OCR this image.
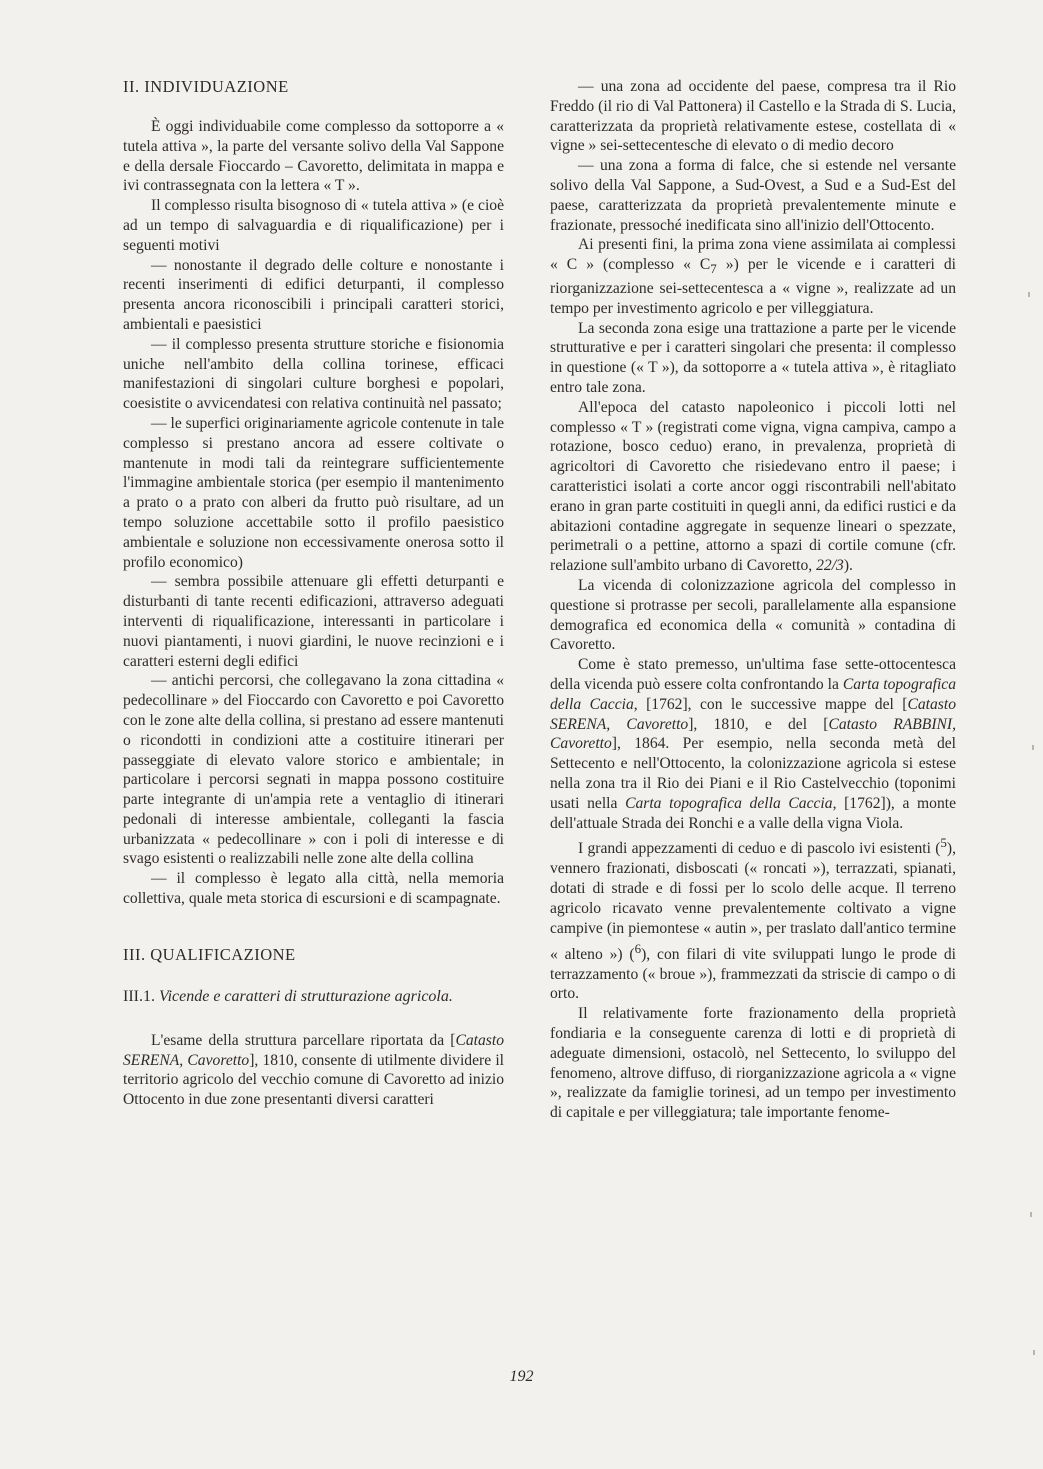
II. INDIVIDUAZIONE

È oggi individuabile come complesso da sottoporre a « tutela attiva », la parte del versante solivo della Val Sappone e della dersale Fioccardo – Cavoretto, delimitata in mappa e ivi contrassegnata con la lettera « T ».

Il complesso risulta bisognoso di « tutela attiva » (e cioè ad un tempo di salvaguardia e di riqualificazione) per i seguenti motivi

— nonostante il degrado delle colture e nonostante i recenti inserimenti di edifici deturpanti, il complesso presenta ancora riconoscibili i principali caratteri storici, ambientali e paesistici

— il complesso presenta strutture storiche e fisionomia uniche nell'ambito della collina torinese, efficaci manifestazioni di singolari culture borghesi e popolari, coesistite o avvicendatesi con relativa continuità nel passato;

— le superfici originariamente agricole contenute in tale complesso si prestano ancora ad essere coltivate o mantenute in modi tali da reintegrare sufficientemente l'immagine ambientale storica (per esempio il mantenimento a prato o a prato con alberi da frutto può risultare, ad un tempo soluzione accettabile sotto il profilo paesistico ambientale e soluzione non eccessivamente onerosa sotto il profilo economico)

— sembra possibile attenuare gli effetti deturpanti e disturbanti di tante recenti edificazioni, attraverso adeguati interventi di riqualificazione, interessanti in particolare i nuovi piantamenti, i nuovi giardini, le nuove recinzioni e i caratteri esterni degli edifici

— antichi percorsi, che collegavano la zona cittadina « pedecollinare » del Fioccardo con Cavoretto e poi Cavoretto con le zone alte della collina, si prestano ad essere mantenuti o ricondotti in condizioni atte a costituire itinerari per passeggiate di elevato valore storico e ambientale; in particolare i percorsi segnati in mappa possono costituire parte integrante di un'ampia rete a ventaglio di itinerari pedonali di interesse ambientale, colleganti la fascia urbanizzata « pedecollinare » con i poli di interesse e di svago esistenti o realizzabili nelle zone alte della collina

— il complesso è legato alla città, nella memoria collettiva, quale meta storica di escursioni e di scampagnate.

III. QUALIFICAZIONE
III.1. Vicende e caratteri di strutturazione agricola.

L'esame della struttura parcellare riportata da [Catasto SERENA, Cavoretto], 1810, consente di utilmente dividere il territorio agricolo del vecchio comune di Cavoretto ad inizio Ottocento in due zone presentanti diversi caratteri

— una zona ad occidente del paese, compresa tra il Rio Freddo (il rio di Val Pattonera) il Castello e la Strada di S. Lucia, caratterizzata da proprietà relativamente estese, costellata di « vigne » sei-settecentesche di elevato o di medio decoro

— una zona a forma di falce, che si estende nel versante solivo della Val Sappone, a Sud-Ovest, a Sud e a Sud-Est del paese, caratterizzata da proprietà prevalentemente minute e frazionate, pressoché inedificata sino all'inizio dell'Ottocento.

Ai presenti fini, la prima zona viene assimilata ai complessi « C » (complesso « $C_7$ ») per le vicende e i caratteri di riorganizzazione sei-settecentesca a « vigne », realizzate ad un tempo per investimento agricolo e per villeggiatura.

La seconda zona esige una trattazione a parte per le vicende strutturative e per i caratteri singolari che presenta: il complesso in questione (« T »), da sottoporre a « tutela attiva », è ritagliato entro tale zona.

All'epoca del catasto napoleonico i piccoli lotti nel complesso « T » (registrati come vigna, vigna campiva, campo a rotazione, bosco ceduo) erano, in prevalenza, proprietà di agricoltori di Cavoretto che risiedevano entro il paese; i caratteristici isolati a corte ancor oggi riscontrabili nell'abitato erano in gran parte costituiti in quegli anni, da edifici rustici e da abitazioni contadine aggregate in sequenze lineari o spezzate, perimetrali o a pettine, attorno a spazi di cortile comune (cfr. relazione sull'ambito urbano di Cavoretto, 22/3).

La vicenda di colonizzazione agricola del complesso in questione si protrasse per secoli, parallelamente alla espansione demografica ed economica della « comunità » contadina di Cavoretto.

Come è stato premesso, un'ultima fase sette-ottocentesca della vicenda può essere colta confrontando la Carta topografica della Caccia, [1762], con le successive mappe del [Catasto SERENA, Cavoretto], 1810, e del [Catasto RABBINI, Cavoretto], 1864. Per esempio, nella seconda metà del Settecento e nell'Ottocento, la colonizzazione agricola si estese nella zona tra il Rio dei Piani e il Rio Castelvecchio (toponimi usati nella Carta topografica della Caccia, [1762]), a monte dell'attuale Strada dei Ronchi e a valle della vigna Viola.

I grandi appezzamenti di ceduo e di pascolo ivi esistenti ($^5$), vennero frazionati, disboscati (« roncati »), terrazzati, spianati, dotati di strade e di fossi per lo scolo delle acque. Il terreno agricolo ricavato venne prevalentemente coltivato a vigne campive (in piemontese « autin », per traslato dall'antico termine « alteno ») ($^6$), con filari di vite sviluppati lungo le prode di terrazzamento (« broue »), frammezzati da striscie di campo o di orto.

Il relativamente forte frazionamento della proprietà fondiaria e la conseguente carenza di lotti e di proprietà di adeguate dimensioni, ostacolò, nel Settecento, lo sviluppo del fenomeno, altrove diffuso, di riorganizzazione agricola a « vigne », realizzate da famiglie torinesi, ad un tempo per investimento di capitale e per villeggiatura; tale importante fenome-

192
